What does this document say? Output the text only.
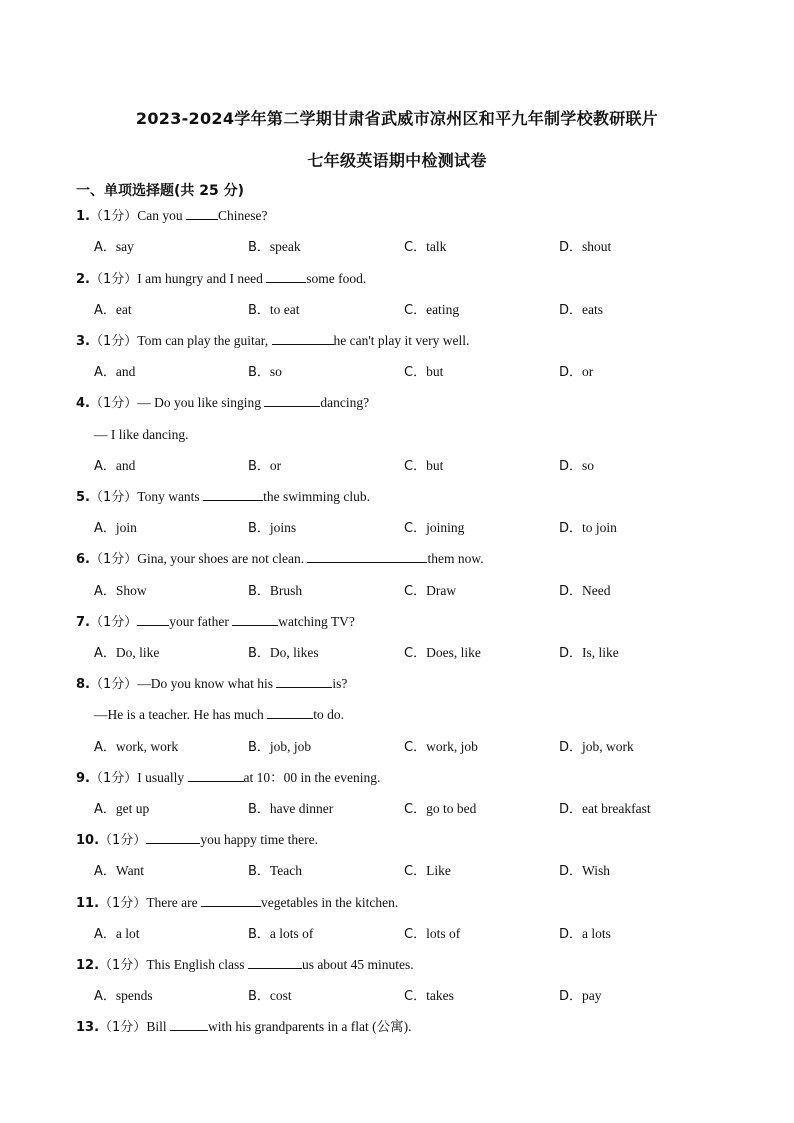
2023-2024学年第二学期甘肃省武威市凉州区和平九年制学校教研联片
七年级英语期中检测试卷
一、单项选择题(共 25 分)
1.（1分）Can you Chinese?
A．say	B．speak	C．talk	D．shout
2.（1分）I am hungry and I need	some food.
A．eat	B．to eat	C．eating	D．eats
3.（1分）Tom can play the guitar,	he can't play it very well.
A．and	B．so	C．but	D．or
4.（1分）— Do you like singing	dancing?
— I like dancing.
A．and	B．or	C．but	D．so
5.（1分）Tony wants	the swimming club.
A．join	B．joins	C．joining	D．to join
6.（1分）Gina, your shoes are not clean.	them now.
A．Show	B．Brush	C．Draw	D．Need
7.（1分） your father	watching TV?
A．Do, like	B．Do, likes	C．Does, like	D．Is, like
8.（1分）—Do you know what his	is?
—He is a teacher. He has much	to do.
A．work, work	B．job, job	C．work, job	D．job, work
9.（1分）I usually	at 10：00 in the evening.
A．get up	B．have dinner	C．go to bed	D．eat breakfast
10.（1分）	you happy time there.
A．Want	B．Teach	C．Like	D．Wish
11.（1分）There are	vegetables in the kitchen.
A．a lot	B．a lots of	C．lots of	D．a lots
12.（1分）This English class	us about 45 minutes.
A．spends	B．cost	C．takes	D．pay
13.（1分）Bill	with his grandparents in a flat (公寓).
